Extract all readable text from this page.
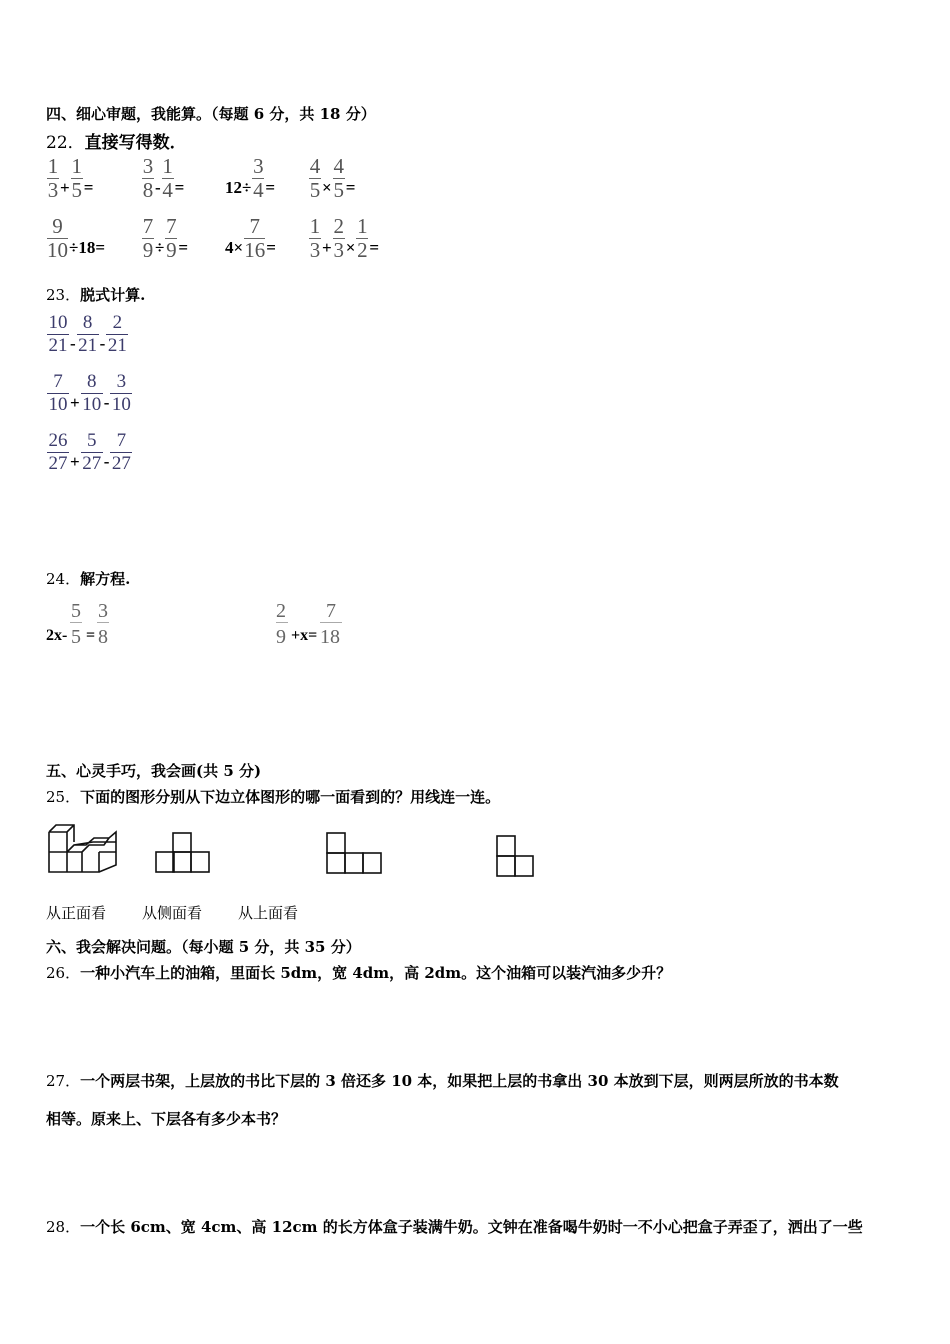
四、细心审题，我能算。（每题 6 分，共 18 分）
22．直接写得数．
1
3 +
1
5 =
3
8 -
1
4 = 12÷
3
4 =
4
5 ×
4
5 =
9
10 ÷18=
7
9 ÷
7
9 = 4×
7
16 =
1
3 +
2
3 ×
1
2 =
23．脱式计算.
10
21 -
8
21 -
2
21
7
10 +
8
10 -
3
10
26
27 +
5
27 -
7
27
24．解方程.
2x-
5
5 =
3
8
2
9 +x=
7
18
五、心灵手巧，我会画(共 5 分)
25．下面的图形分别从下边立体图形的哪一面看到的？用线连一连。
从正面看 从侧面看 从上面看
六、我会解决问题。（每小题 5 分，共 35 分）
26．一种小汽车上的油箱，里面长 5dm，宽 4dm，高 2dm。这个油箱可以装汽油多少升？
27．一个两层书架，上层放的书比下层的 3 倍还多 10 本，如果把上层的书拿出 30 本放到下层，则两层所放的书本数
相等。原来上、下层各有多少本书？
28．一个长 6cm、宽 4cm、高 12cm 的长方体盒子装满牛奶。文钟在准备喝牛奶时一不小心把盒子弄歪了，洒出了一些
